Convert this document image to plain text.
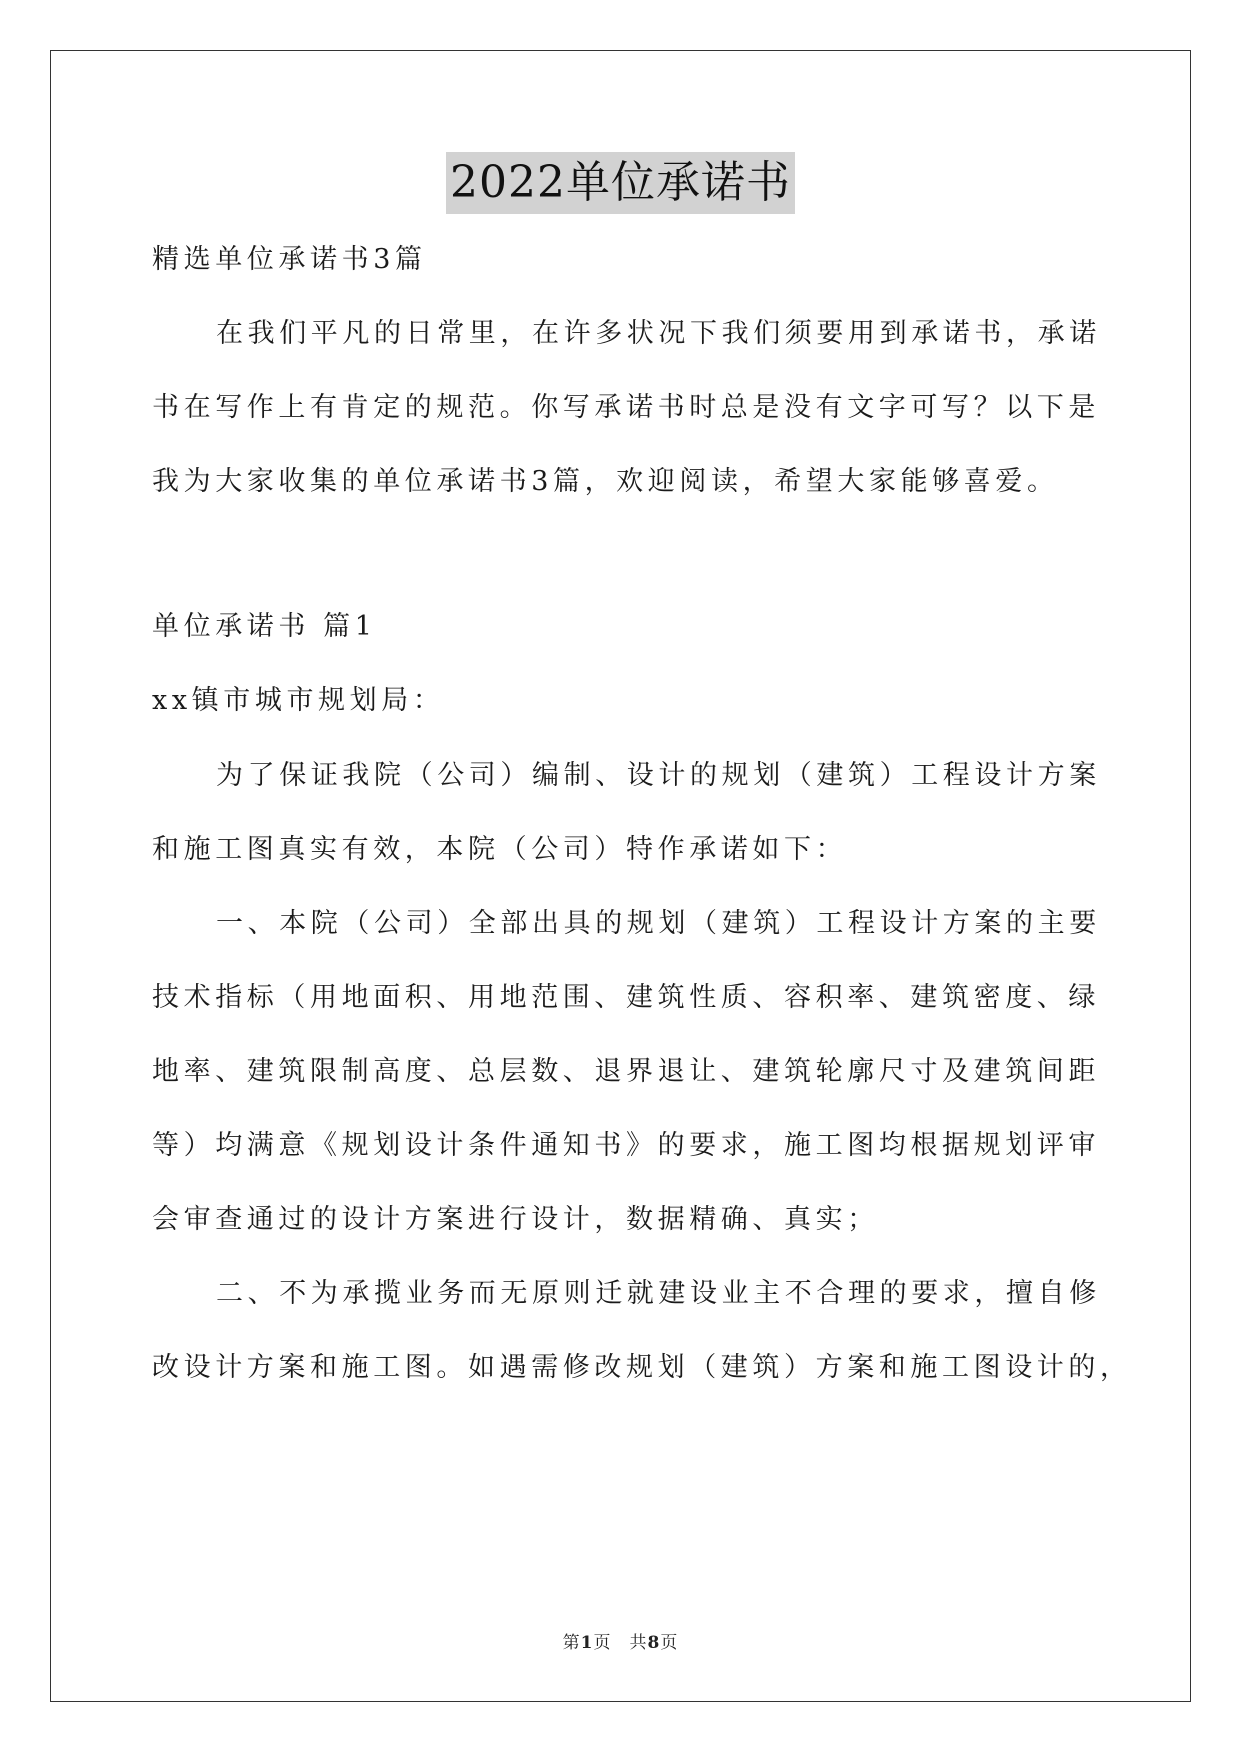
2022单位承诺书
精选单位承诺书3篇
在我们平凡的日常里，在许多状况下我们须要用到承诺书，承诺
书在写作上有肯定的规范。你写承诺书时总是没有文字可写？以下是
我为大家收集的单位承诺书3篇，欢迎阅读，希望大家能够喜爱。
单位承诺书 篇1
xx镇市城市规划局：
为了保证我院（公司）编制、设计的规划（建筑）工程设计方案
和施工图真实有效，本院（公司）特作承诺如下：
一、本院（公司）全部出具的规划（建筑）工程设计方案的主要
技术指标（用地面积、用地范围、建筑性质、容积率、建筑密度、绿
地率、建筑限制高度、总层数、退界退让、建筑轮廓尺寸及建筑间距
等）均满意《规划设计条件通知书》的要求，施工图均根据规划评审
会审查通过的设计方案进行设计，数据精确、真实；
二、不为承揽业务而无原则迁就建设业主不合理的要求，擅自修
改设计方案和施工图。如遇需修改规划（建筑）方案和施工图设计的，
第1页　共8页
